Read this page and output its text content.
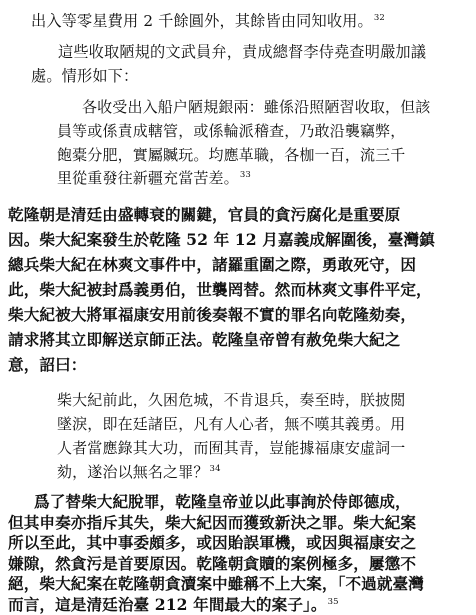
出入等零星費用 2 千餘圓外，其餘皆由同知收用。$^{32}$
這些收取陋規的文武員弁，責成總督李侍堯查明嚴加議
處。情形如下：
各收受出入船户陋規銀兩：雖係沿照陋習收取，但該
員等或係責成轄管，或係輪派稽查，乃敢沿襲竊弊，
飽橐分肥，實屬贓玩。均應革職，各枷一百，流三千
里從重發往新疆充當苦差。$^{33}$
乾隆朝是清廷由盛轉衰的關鍵，官員的貪污腐化是重要原
因。柴大紀案發生於乾隆 52 年 12 月嘉義成解圍後，臺灣鎮
總兵柴大紀在林爽文事件中，諸羅重圍之際，勇敢死守，因
此，柴大紀被封爲義勇伯，世襲罔替。然而林爽文事件平定，
柴大紀被大將軍福康安用前後奏報不實的罪名向乾隆劾奏，
請求將其立即解送京師正法。乾隆皇帝曾有赦免柴大紀之
意，詔曰：
柴大紀前此，久困危城，不肯退兵，奏至時，朕披閲
墜淚，即在廷諸臣，凡有人心者，無不嘆其義勇。用
人者當應錄其大功，而囿其青，豈能據福康安虛詞一
劾，遂治以無名之罪？$^{34}$
爲了替柴大紀脫罪，乾隆皇帝並以此事詢於侍郎德成，
但其申奏亦指斥其失，柴大紀因而獲致新決之罪。柴大紀案
所以至此，其中事委頗多，或因貽誤軍機，或因與福康安之
嫌隙，然貪污是首要原因。乾隆朝貪贖的案例極多，屢懲不
絕，柴大紀案在乾隆朝貪瀆案中雖稱不上大案，「不過就臺灣
而言，這是清廷治臺 212 年間最大的案子」。$^{35}$
